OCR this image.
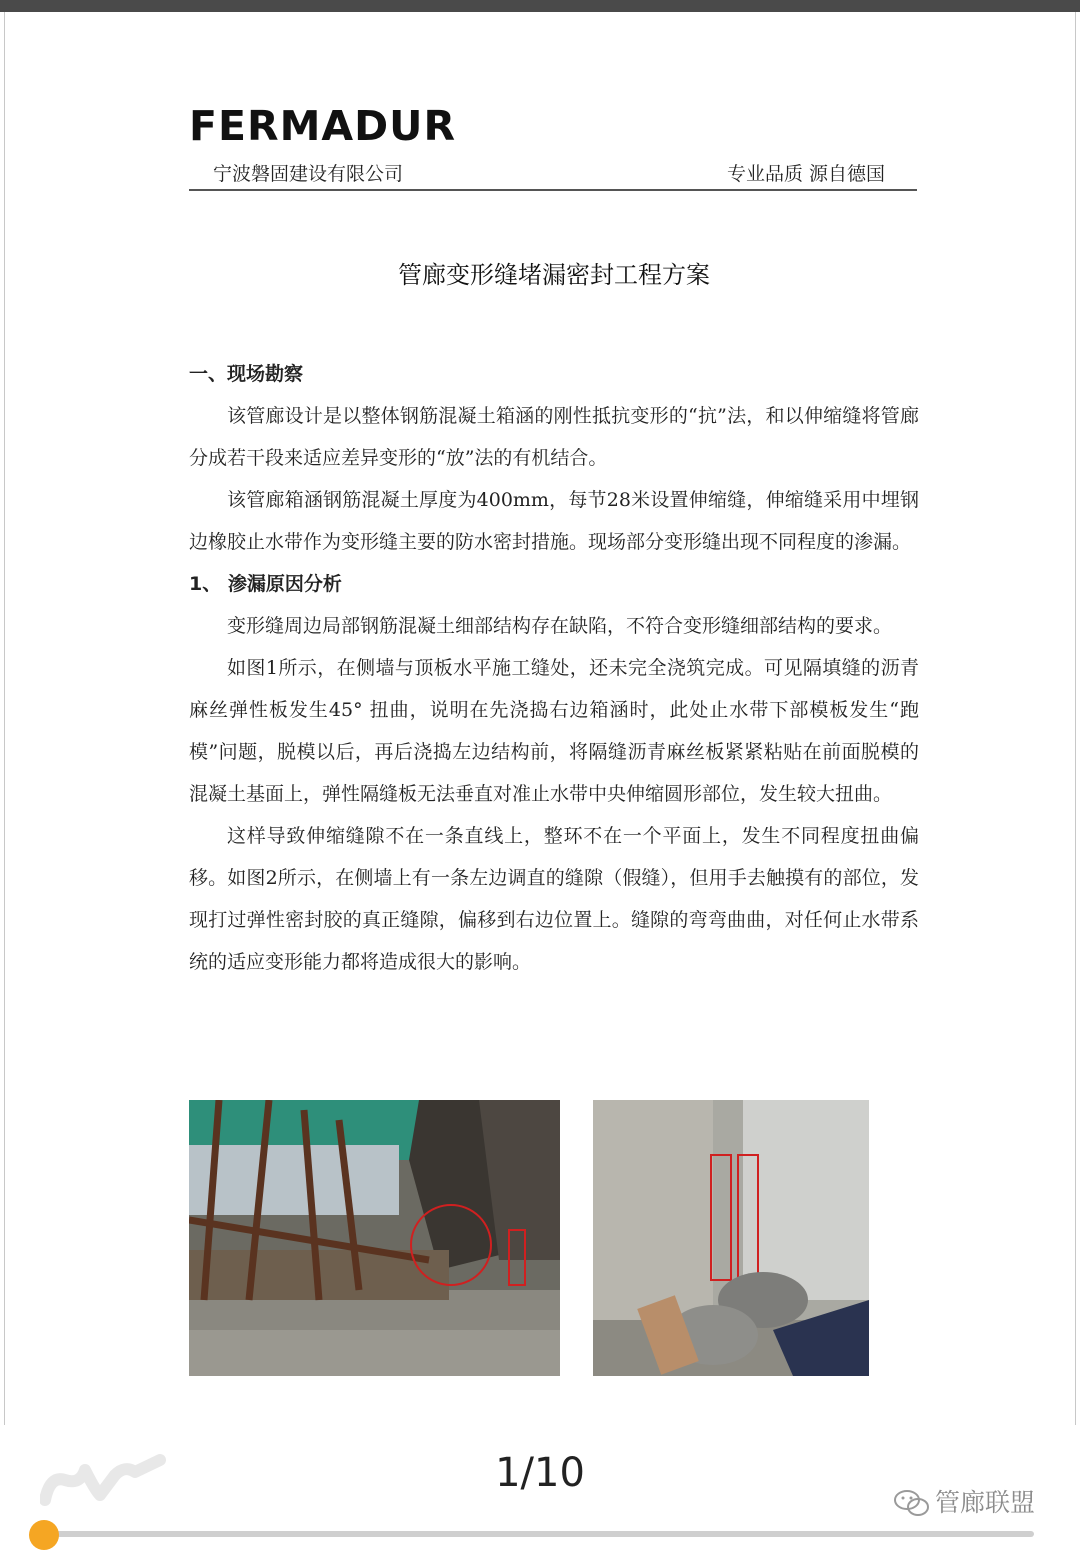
FERMADUR
宁波磐固建设有限公司	专业品质 源自德国
管廊变形缝堵漏密封工程方案
一、现场勘察

该管廊设计是以整体钢筋混凝土箱涵的刚性抵抗变形的“抗”法，和以伸缩缝将管廊分成若干段来适应差异变形的“放”法的有机结合。

该管廊箱涵钢筋混凝土厚度为400mm，每节28米设置伸缩缝，伸缩缝采用中埋钢边橡胶止水带作为变形缝主要的防水密封措施。现场部分变形缝出现不同程度的渗漏。

1、 渗漏原因分析

变形缝周边局部钢筋混凝土细部结构存在缺陷，不符合变形缝细部结构的要求。

如图1所示，在侧墙与顶板水平施工缝处，还未完全浇筑完成。可见隔填缝的沥青麻丝弹性板发生45° 扭曲，说明在先浇捣右边箱涵时，此处止水带下部模板发生“跑模”问题，脱模以后，再后浇捣左边结构前，将隔缝沥青麻丝板紧紧粘贴在前面脱模的混凝土基面上，弹性隔缝板无法垂直对准止水带中央伸缩圆形部位，发生较大扭曲。

这样导致伸缩缝隙不在一条直线上，整环不在一个平面上，发生不同程度扭曲偏移。如图2所示，在侧墙上有一条左边调直的缝隙（假缝），但用手去触摸有的部位，发现打过弹性密封胶的真正缝隙，偏移到右边位置上。缝隙的弯弯曲曲，对任何止水带系统的适应变形能力都将造成很大的影响。

1/10
管廊联盟
